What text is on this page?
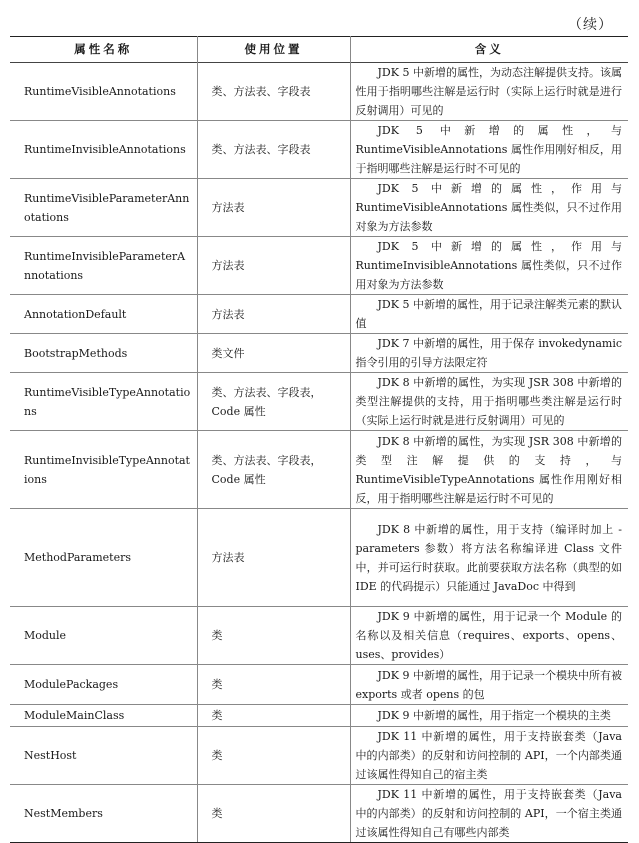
（续）
属性名称	使用位置	含义
RuntimeVisibleAnnotations	类、方法表、字段表	JDK 5 中新增的属性，为动态注解提供支持。该属性用于指明哪些注解是运行时（实际上运行时就是进行反射调用）可见的
RuntimeInvisibleAnnotations	类、方法表、字段表	JDK 5 中新增的属性，与 RuntimeVisibleAnnotations 属性作用刚好相反，用于指明哪些注解是运行时不可见的
RuntimeVisibleParameterAnnotations	方法表	JDK 5 中新增的属性，作用与 RuntimeVisibleAnnotations 属性类似，只不过作用对象为方法参数
RuntimeInvisibleParameterAnnotations	方法表	JDK 5 中新增的属性，作用与 RuntimeInvisibleAnnotations 属性类似，只不过作用对象为方法参数
AnnotationDefault	方法表	JDK 5 中新增的属性，用于记录注解类元素的默认值
BootstrapMethods	类文件	JDK 7 中新增的属性，用于保存 invokedynamic 指令引用的引导方法限定符
RuntimeVisibleTypeAnnotations	类、方法表、字段表，Code 属性	JDK 8 中新增的属性，为实现 JSR 308 中新增的类型注解提供的支持，用于指明哪些类注解是运行时（实际上运行时就是进行反射调用）可见的
RuntimeInvisibleTypeAnnotations	类、方法表、字段表，Code 属性	JDK 8 中新增的属性，为实现 JSR 308 中新增的类型注解提供的支持，与 RuntimeVisibleTypeAnnotations 属性作用刚好相反，用于指明哪些注解是运行时不可见的
MethodParameters	方法表	JDK 8 中新增的属性，用于支持（编译时加上 -parameters 参数）将方法名称编译进 Class 文件中，并可运行时获取。此前要获取方法名称（典型的如 IDE 的代码提示）只能通过 JavaDoc 中得到
Module	类	JDK 9 中新增的属性，用于记录一个 Module 的名称以及相关信息（requires、exports、opens、uses、provides）
ModulePackages	类	JDK 9 中新增的属性，用于记录一个模块中所有被 exports 或者 opens 的包
ModuleMainClass	类	JDK 9 中新增的属性，用于指定一个模块的主类
NestHost	类	JDK 11 中新增的属性，用于支持嵌套类（Java 中的内部类）的反射和访问控制的 API，一个内部类通过该属性得知自己的宿主类
NestMembers	类	JDK 11 中新增的属性，用于支持嵌套类（Java 中的内部类）的反射和访问控制的 API，一个宿主类通过该属性得知自己有哪些内部类
